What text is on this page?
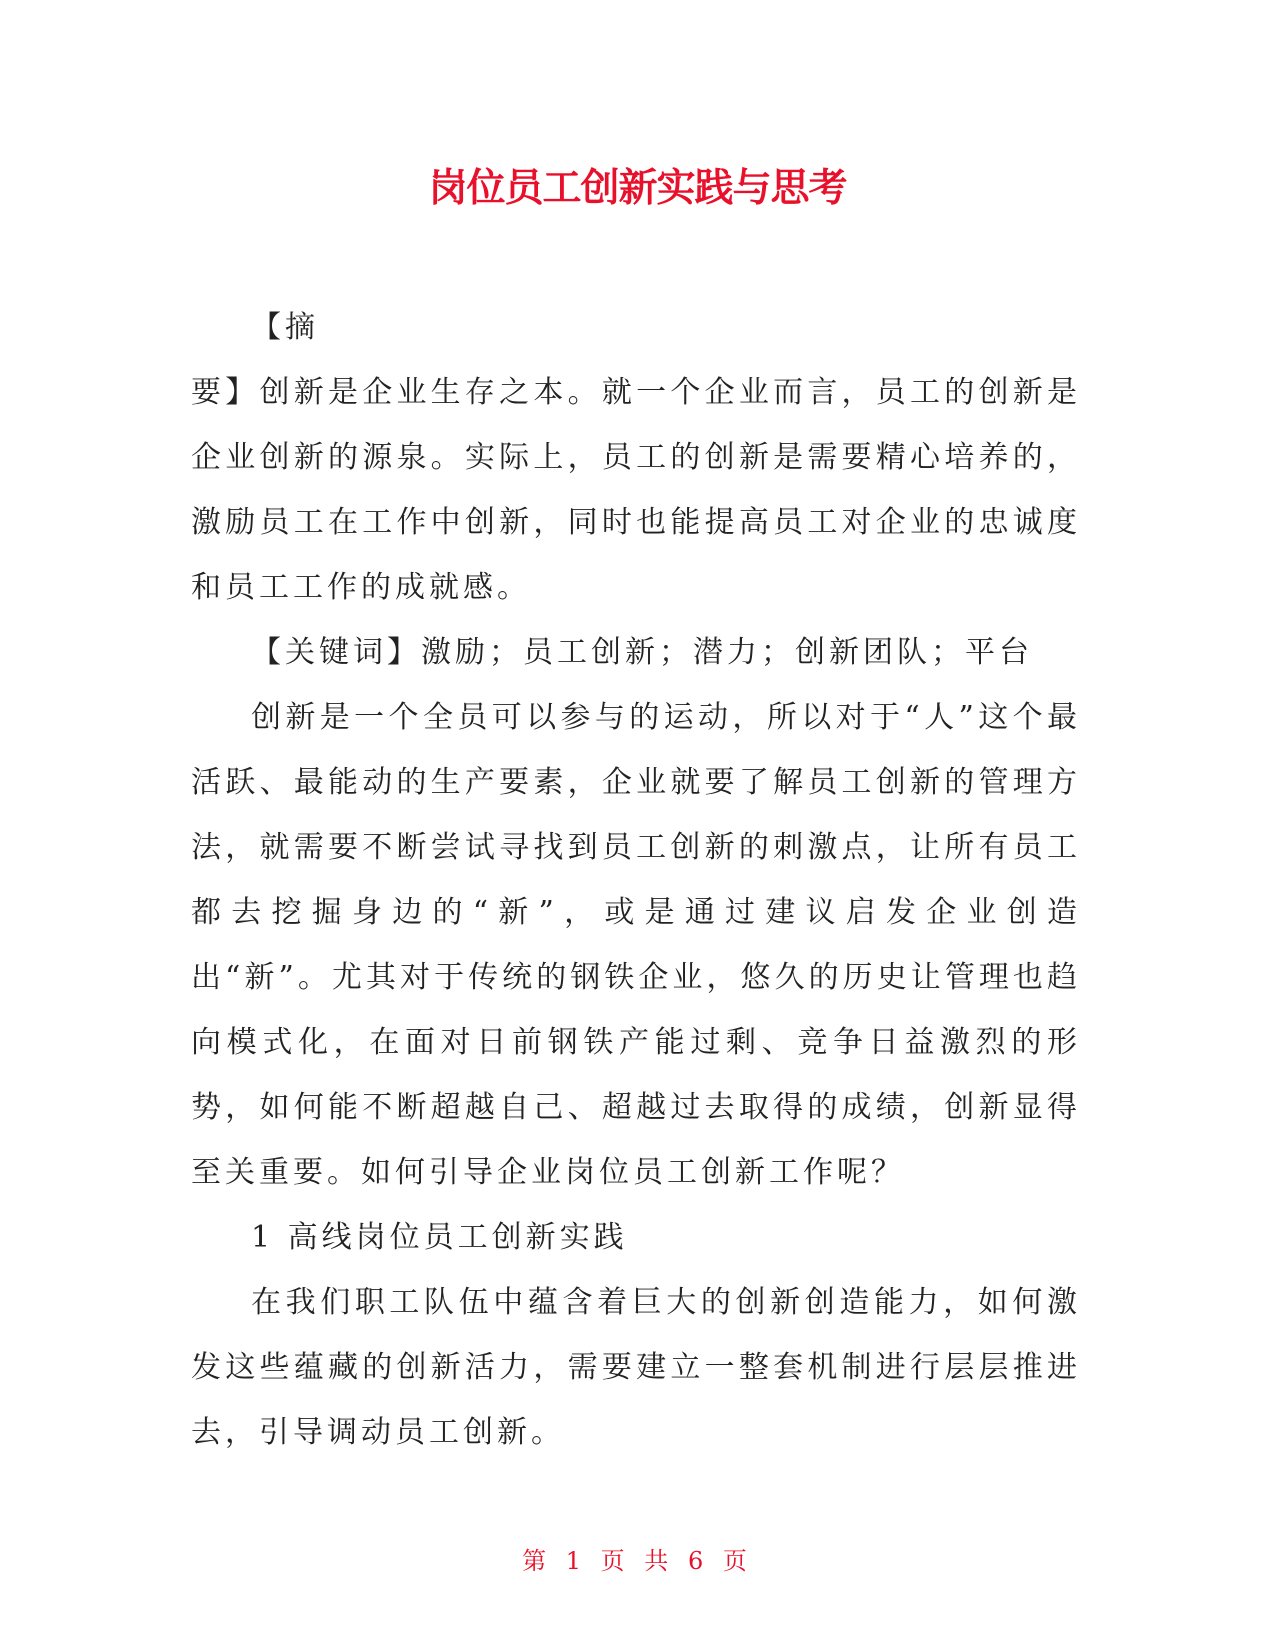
岗位员工创新实践与思考

【摘

要】创新是企业生存之本。就一个企业而言，员工的创新是企业创新的源泉。实际上，员工的创新是需要精心培养的，激励员工在工作中创新，同时也能提高员工对企业的忠诚度和员工工作的成就感。

【关键词】激励；员工创新；潜力；创新团队；平台

创新是一个全员可以参与的运动，所以对于“人”这个最活跃、最能动的生产要素，企业就要了解员工创新的管理方法，就需要不断尝试寻找到员工创新的刺激点，让所有员工都去挖掘身边的“新”，或是通过建议启发企业创造出“新”。尤其对于传统的钢铁企业，悠久的历史让管理也趋向模式化，在面对日前钢铁产能过剩、竞争日益激烈的形势，如何能不断超越自己、超越过去取得的成绩，创新显得至关重要。如何引导企业岗位员工创新工作呢？

1 高线岗位员工创新实践

在我们职工队伍中蕴含着巨大的创新创造能力，如何激发这些蕴藏的创新活力，需要建立一整套机制进行层层推进去，引导调动员工创新。

第 1 页 共 6 页
